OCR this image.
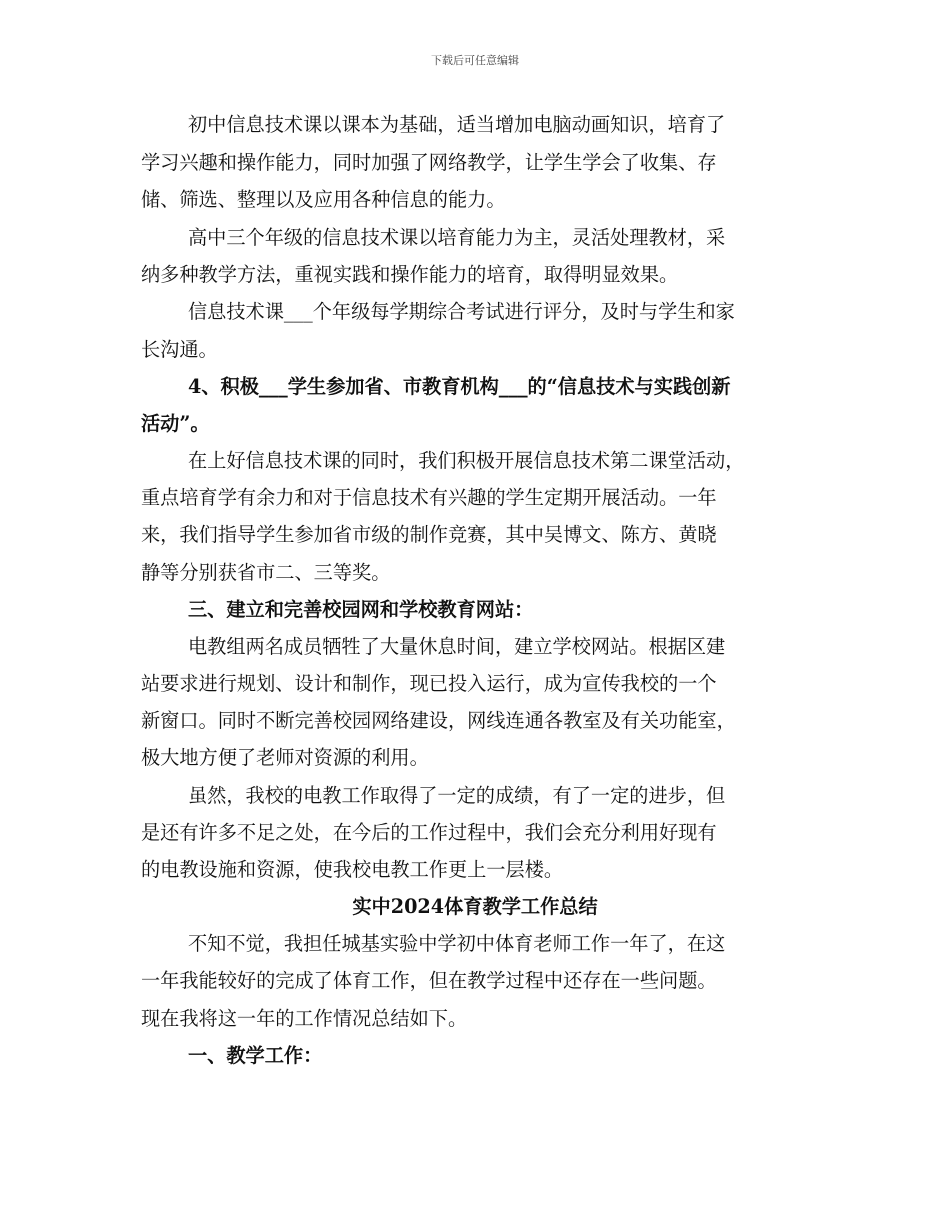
下载后可任意编辑
初中信息技术课以课本为基础，适当增加电脑动画知识，培育了
学习兴趣和操作能力，同时加强了网络教学，让学生学会了收集、存
储、筛选、整理以及应用各种信息的能力。
高中三个年级的信息技术课以培育能力为主，灵活处理教材，采
纳多种教学方法，重视实践和操作能力的培育，取得明显效果。
信息技术课___个年级每学期综合考试进行评分，及时与学生和家
长沟通。
4、积极___学生参加省、市教育机构___的“信息技术与实践创新
活动”。
在上好信息技术课的同时，我们积极开展信息技术第二课堂活动，
重点培育学有余力和对于信息技术有兴趣的学生定期开展活动。一年
来，我们指导学生参加省市级的制作竞赛，其中吴博文、陈方、黄晓
静等分别获省市二、三等奖。
三、建立和完善校园网和学校教育网站：
电教组两名成员牺牲了大量休息时间，建立学校网站。根据区建
站要求进行规划、设计和制作，现已投入运行，成为宣传我校的一个
新窗口。同时不断完善校园网络建设，网线连通各教室及有关功能室，
极大地方便了老师对资源的利用。
虽然，我校的电教工作取得了一定的成绩，有了一定的进步，但
是还有许多不足之处，在今后的工作过程中，我们会充分利用好现有
的电教设施和资源，使我校电教工作更上一层楼。
实中2024体育教学工作总结
不知不觉，我担任城基实验中学初中体育老师工作一年了，在这
一年我能较好的完成了体育工作，但在教学过程中还存在一些问题。
现在我将这一年的工作情况总结如下。
一、教学工作：
